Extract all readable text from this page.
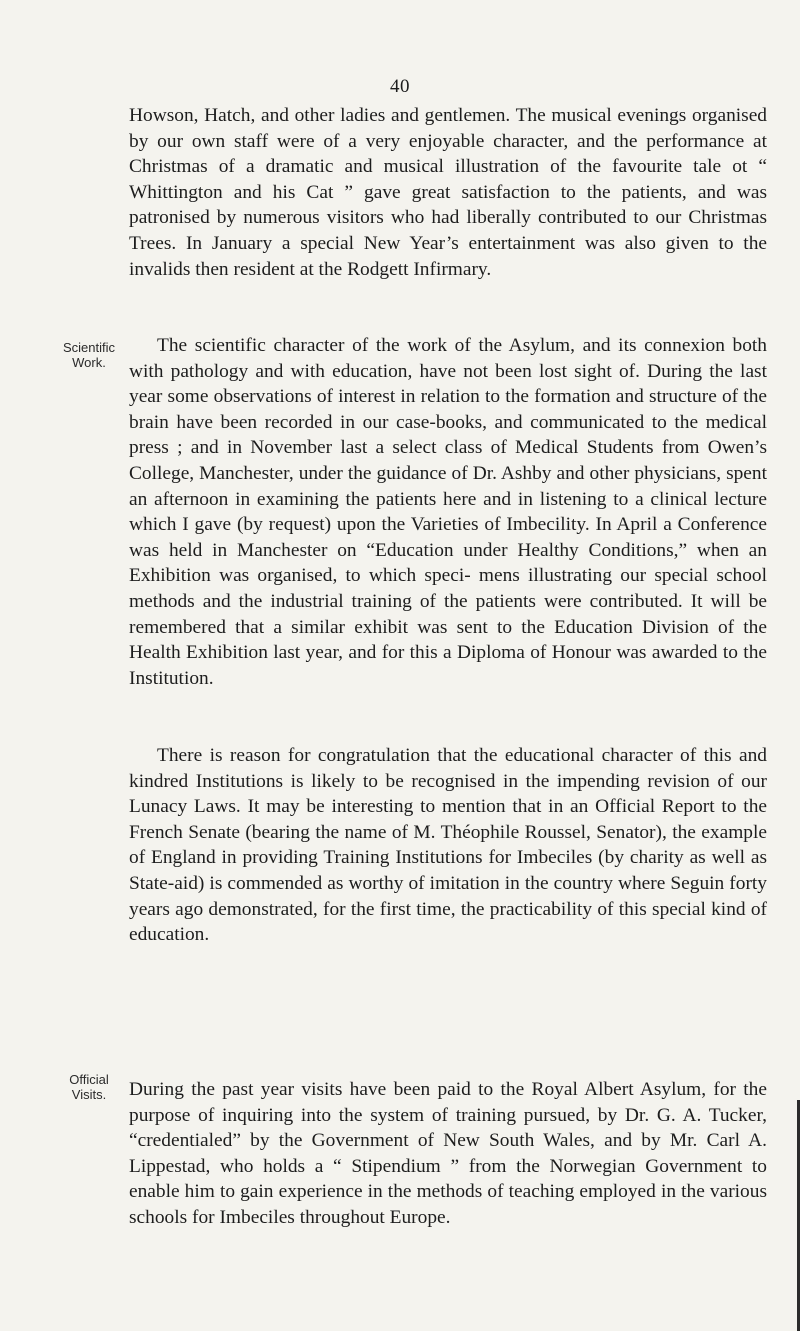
40
Scientific
Work.
Official
Visits.

Howson, Hatch, and other ladies and gentlemen. The musical evenings organised by our own staff were of a very enjoyable character, and the performance at Christmas of a dramatic and musical illustration of the favourite tale ot “ Whittington and his Cat ” gave great satisfaction to the patients, and was patronised by numerous visitors who had liberally contributed to our Christmas Trees. In January a special New Year’s entertainment was also given to the invalids then resident at the Rodgett Infirmary.

The scientific character of the work of the Asylum, and its connexion both with pathology and with education, have not been lost sight of. During the last year some observations of interest in relation to the formation and structure of the brain have been recorded in our case-books, and communicated to the medical press ; and in November last a select class of Medical Students from Owen’s College, Manchester, under the guidance of Dr. Ashby and other physicians, spent an afternoon in examining the patients here and in listening to a clinical lecture which I gave (by request) upon the Varieties of Imbecility. In April a Conference was held in Manchester on “Education under Healthy Conditions,” when an Exhibition was organised, to which speci- mens illustrating our special school methods and the industrial training of the patients were contributed. It will be remembered that a similar exhibit was sent to the Education Division of the Health Exhibition last year, and for this a Diploma of Honour was awarded to the Institution.

There is reason for congratulation that the educational character of this and kindred Institutions is likely to be recognised in the impending revision of our Lunacy Laws. It may be interesting to mention that in an Official Report to the French Senate (bearing the name of M. Théophile Roussel, Senator), the example of England in providing Training Institutions for Imbeciles (by charity as well as State-aid) is commended as worthy of imitation in the country where Seguin forty years ago demonstrated, for the first time, the practicability of this special kind of education.

During the past year visits have been paid to the Royal Albert Asylum, for the purpose of inquiring into the system of training pursued, by Dr. G. A. Tucker, “credentialed” by the Government of New South Wales, and by Mr. Carl A. Lippestad, who holds a “ Stipendium ” from the Norwegian Government to enable him to gain experience in the methods of teaching employed in the various schools for Imbeciles throughout Europe.
